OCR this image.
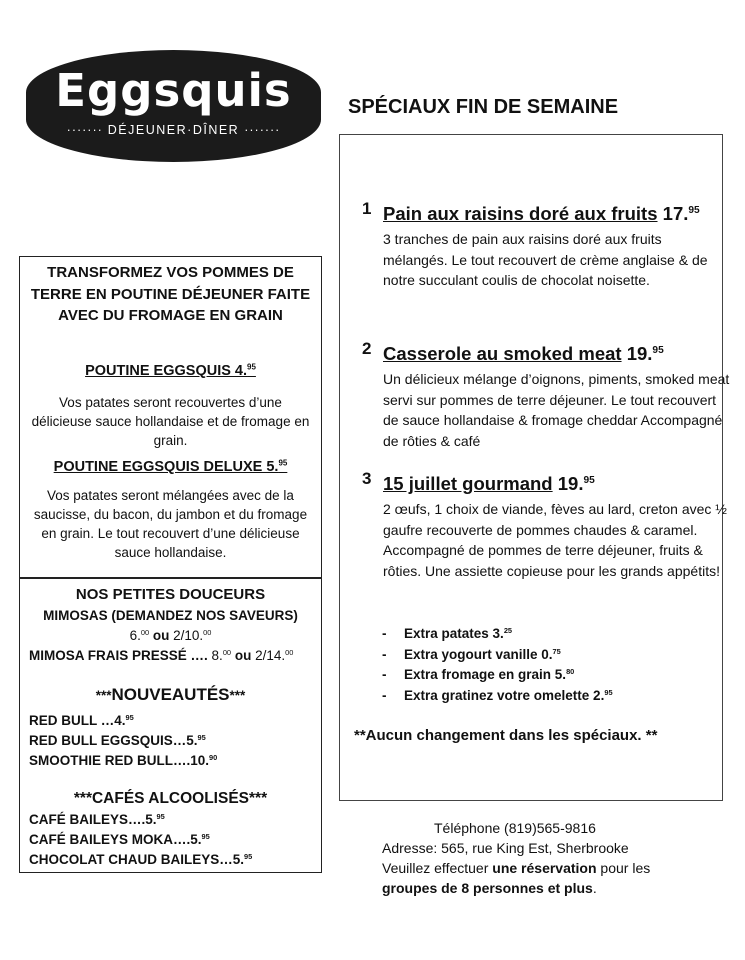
Eggsquis
······· DÉJEUNER·DÎNER ·······
SPÉCIAUX FIN DE SEMAINE
1 Pain aux raisins doré aux fruits 17.95
3 tranches de pain aux raisins doré aux fruits mélangés. Le tout recouvert de crème anglaise & de notre succulant coulis de chocolat noisette.
2 Casserole au smoked meat 19.95
Un délicieux mélange d’oignons, piments, smoked meat servi sur pommes de terre déjeuner. Le tout recouvert de sauce hollandaise & fromage cheddar Accompagné de rôties & café
3 15 juillet gourmand 19.95
2 œufs, 1 choix de viande, fèves au lard, creton avec ½ gaufre recouverte de pommes chaudes & caramel. Accompagné de pommes de terre déjeuner, fruits & rôties. Une assiette copieuse pour les grands appétits!
- Extra patates 3.25
- Extra yogourt vanille 0.75
- Extra fromage en grain 5.80
- Extra gratinez votre omelette 2.95
**Aucun changement dans les spéciaux. **
Téléphone (819)565-9816
Adresse: 565, rue King Est, Sherbrooke
Veuillez effectuer une réservation pour les
groupes de 8 personnes et plus.
TRANSFORMEZ VOS POMMES DE TERRE EN POUTINE DÉJEUNER FAITE AVEC DU FROMAGE EN GRAIN
POUTINE EGGSQUIS 4.95
Vos patates seront recouvertes d’une délicieuse sauce hollandaise et de fromage en grain.
POUTINE EGGSQUIS DELUXE 5.95
Vos patates seront mélangées avec de la saucisse, du bacon, du jambon et du fromage en grain. Le tout recouvert d’une délicieuse sauce hollandaise.
NOS PETITES DOUCEURS
MIMOSAS (DEMANDEZ NOS SAVEURS)
6.00 ou 2/10.00
MIMOSA FRAIS PRESSÉ …. 8.00 ou 2/14.00
***NOUVEAUTÉS***
RED BULL …4.95
RED BULL EGGSQUIS…5.95
SMOOTHIE RED BULL….10.90
***CAFÉS ALCOOLISÉS***
CAFÉ BAILEYS….5.95
CAFÉ BAILEYS MOKA….5.95
CHOCOLAT CHAUD BAILEYS…5.95
